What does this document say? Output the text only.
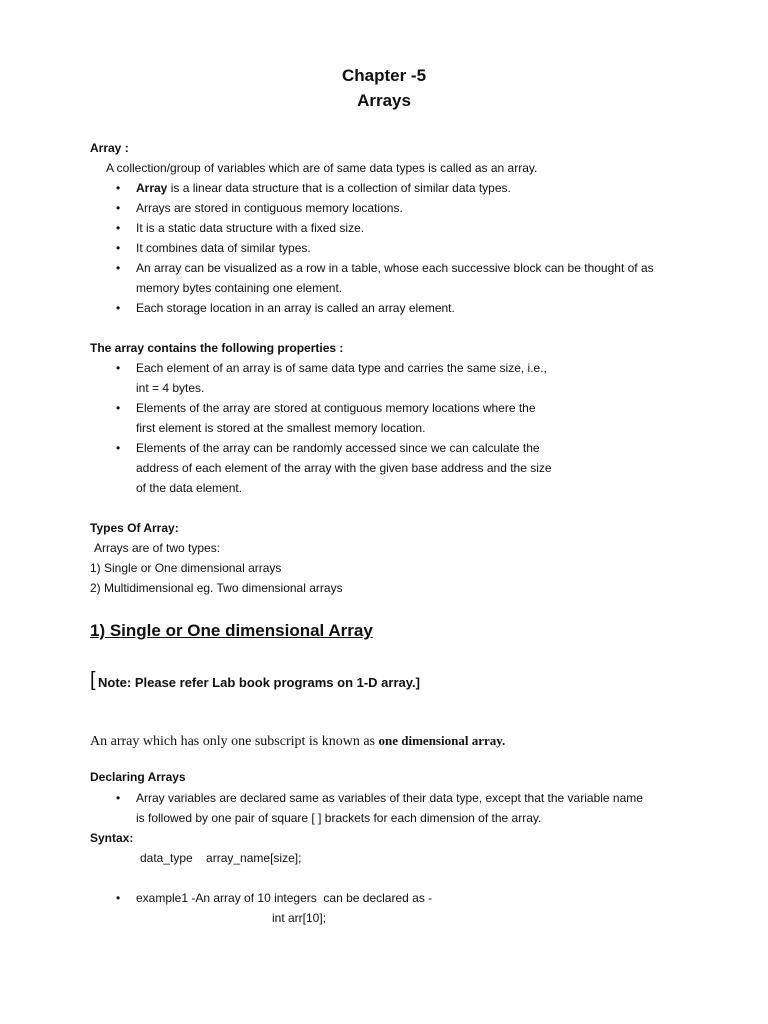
Chapter -5
Arrays
Array :
A collection/group of variables which are of same data types is called as an array.
• Array is a linear data structure that is a collection of similar data types.
• Arrays are stored in contiguous memory locations.
• It is a static data structure with a fixed size.
• It combines data of similar types.
• An array can be visualized as a row in a table, whose each successive block can be thought of as
memory bytes containing one element.
• Each storage location in an array is called an array element.
The array contains the following properties :
• Each element of an array is of same data type and carries the same size, i.e.,
int = 4 bytes.
• Elements of the array are stored at contiguous memory locations where the
first element is stored at the smallest memory location.
• Elements of the array can be randomly accessed since we can calculate the
address of each element of the array with the given base address and the size
of the data element.
Types Of Array:
Arrays are of two types:
1) Single or One dimensional arrays
2) Multidimensional eg. Two dimensional arrays
1) Single or One dimensional Array
[ Note: Please refer Lab book programs on 1-D array.]
An array which has only one subscript is known as one dimensional array.
Declaring Arrays
• Array variables are declared same as variables of their data type, except that the variable name
is followed by one pair of square [ ] brackets for each dimension of the array.
Syntax:
data_type    array_name[size];
• example1 -An array of 10 integers  can be declared as -
int arr[10];
